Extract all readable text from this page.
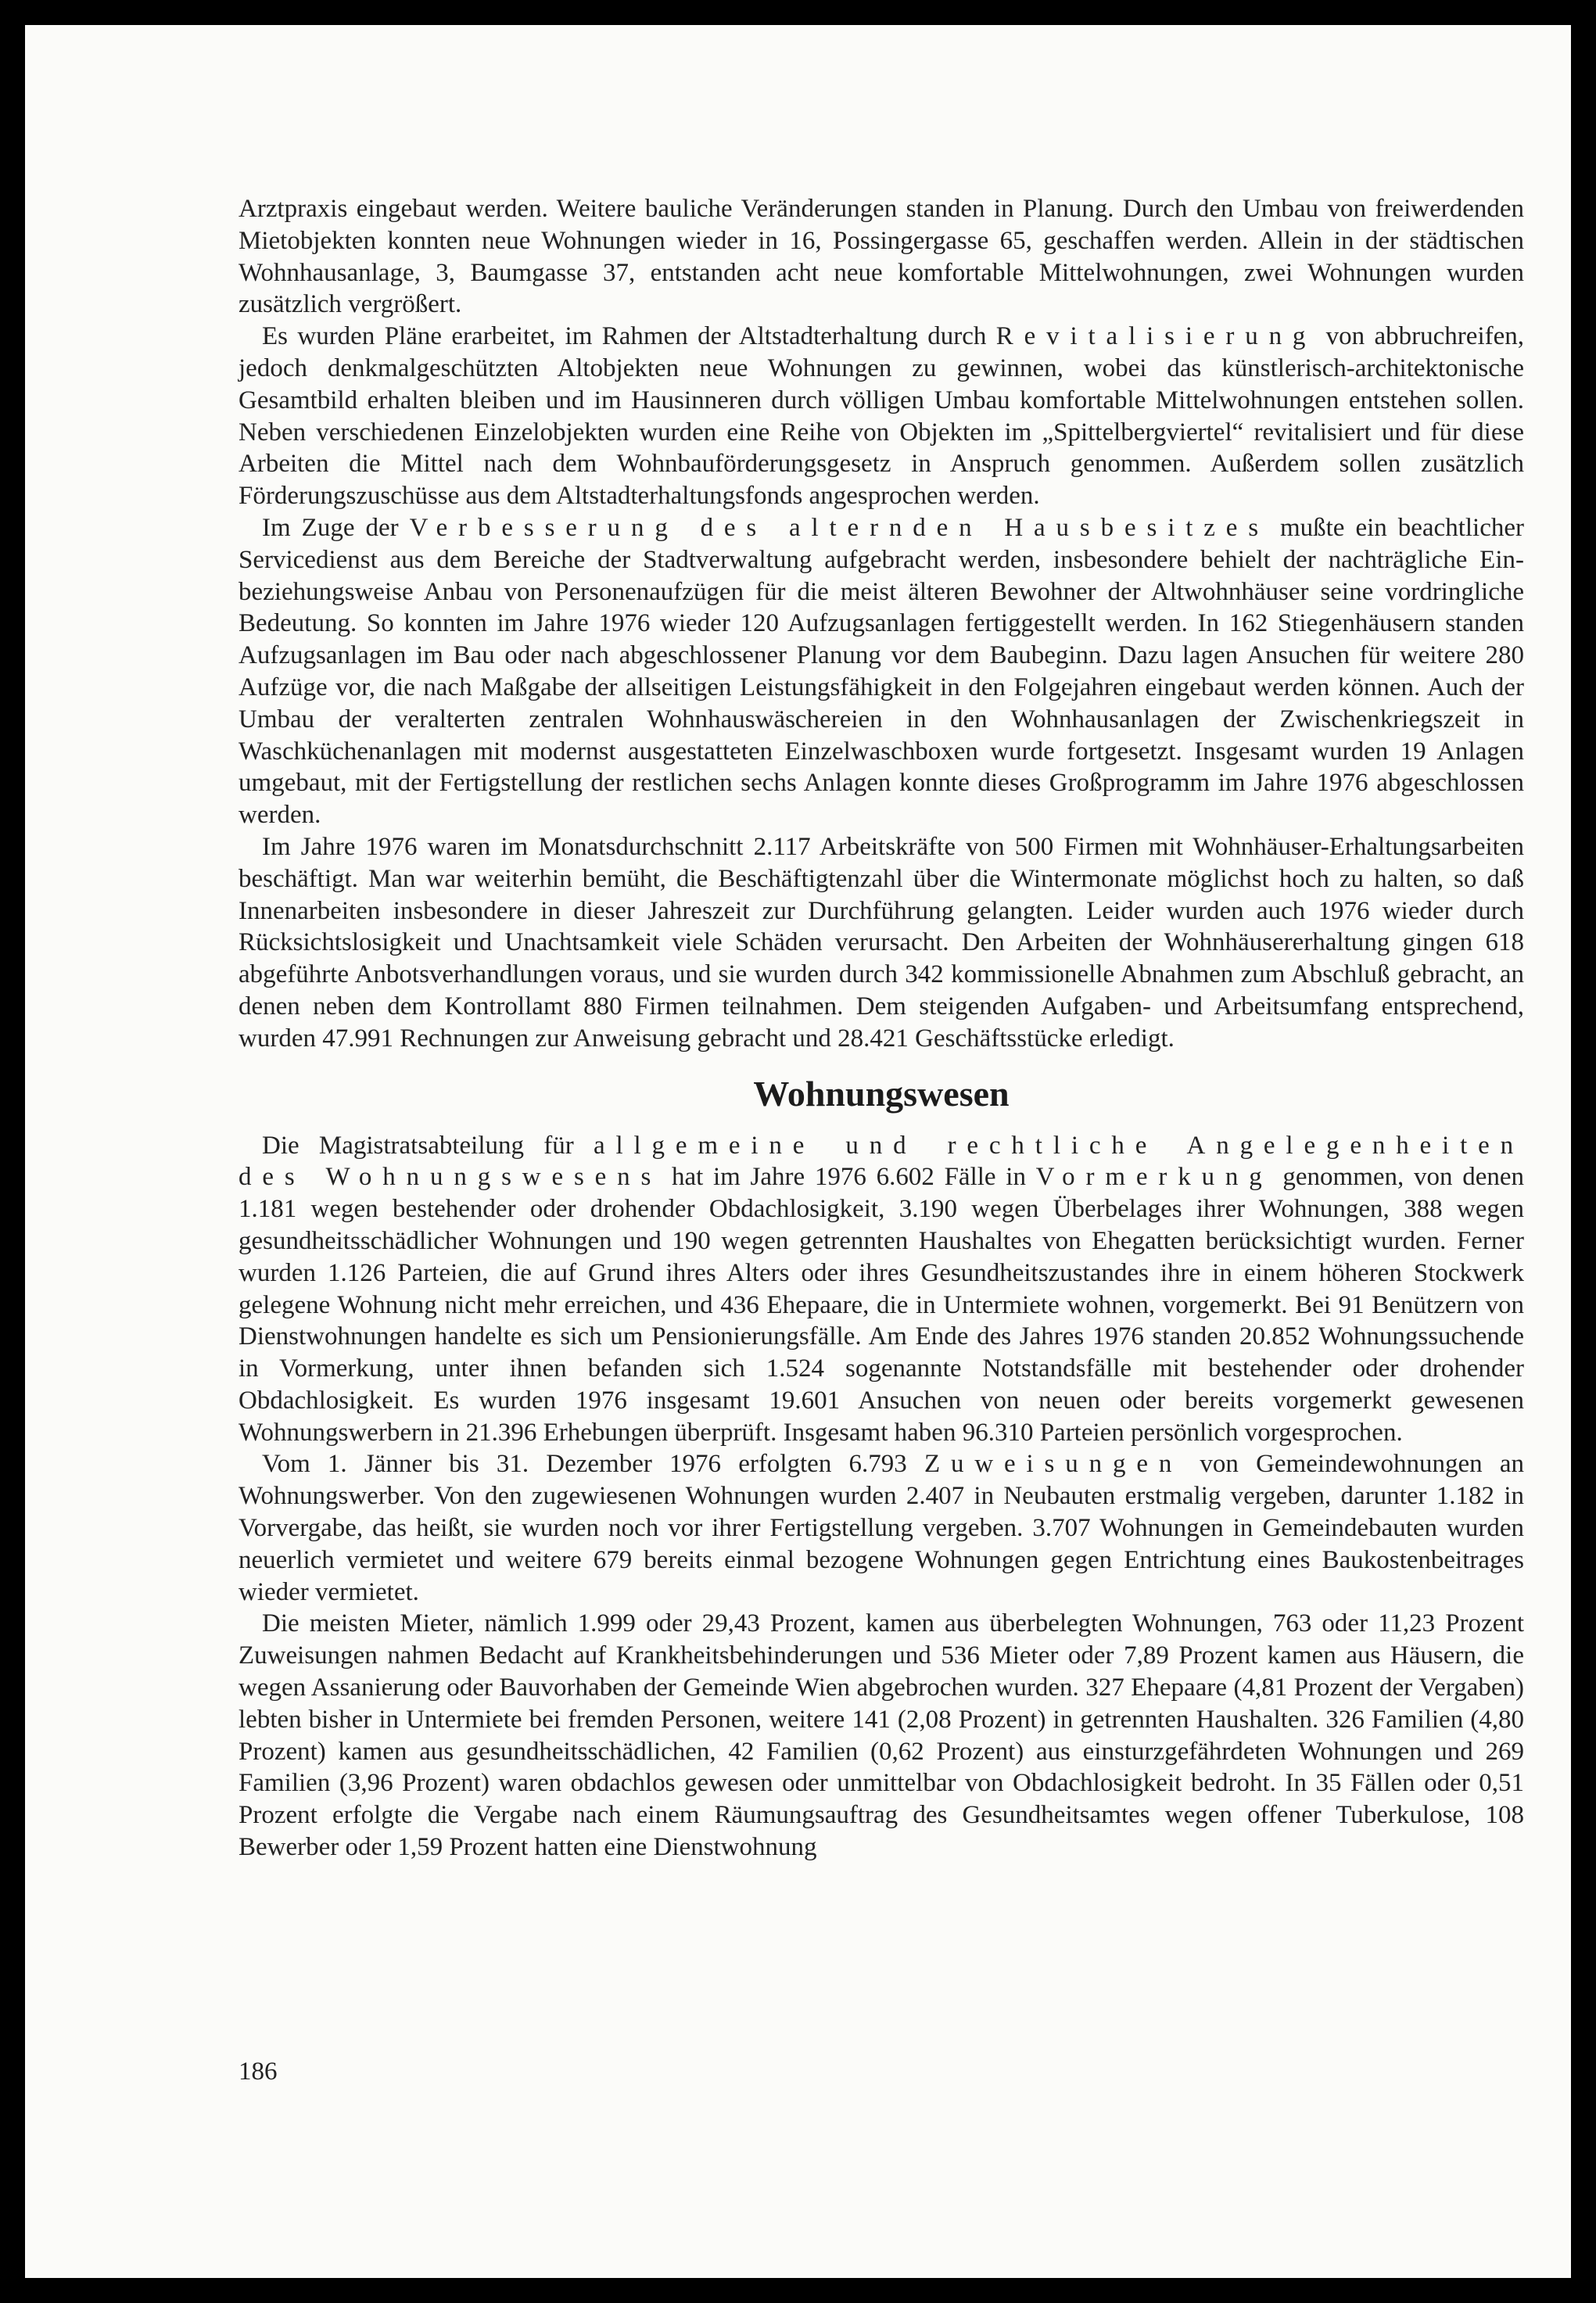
Arztpraxis eingebaut werden. Weitere bauliche Veränderungen standen in Planung. Durch den Umbau von freiwerdenden Mietobjekten konnten neue Wohnungen wieder in 16, Possingergasse 65, geschaffen werden. Allein in der städtischen Wohnhausanlage, 3, Baumgasse 37, entstanden acht neue komfortable Mittelwohnungen, zwei Wohnungen wurden zusätzlich vergrößert.

Es wurden Pläne erarbeitet, im Rahmen der Altstadterhaltung durch Revitalisierung von abbruchreifen, jedoch denkmalgeschützten Altobjekten neue Wohnungen zu gewinnen, wobei das künstlerisch-architektonische Gesamtbild erhalten bleiben und im Hausinneren durch völligen Umbau komfortable Mittelwohnungen entstehen sollen. Neben verschiedenen Einzelobjekten wurden eine Reihe von Objekten im „Spittelbergviertel“ revitalisiert und für diese Arbeiten die Mittel nach dem Wohnbauförderungsgesetz in Anspruch genommen. Außerdem sollen zusätzlich Förderungszuschüsse aus dem Altstadterhaltungsfonds angesprochen werden.

Im Zuge der Verbesserung des alternden Hausbesitzes mußte ein beachtlicher Servicedienst aus dem Bereiche der Stadtverwaltung aufgebracht werden, insbesondere behielt der nachträgliche Ein- beziehungsweise Anbau von Personenaufzügen für die meist älteren Bewohner der Altwohnhäuser seine vordringliche Bedeutung. So konnten im Jahre 1976 wieder 120 Aufzugsanlagen fertiggestellt werden. In 162 Stiegenhäusern standen Aufzugsanlagen im Bau oder nach abgeschlossener Planung vor dem Baubeginn. Dazu lagen Ansuchen für weitere 280 Aufzüge vor, die nach Maßgabe der allseitigen Leistungsfähigkeit in den Folgejahren eingebaut werden können. Auch der Umbau der veralterten zentralen Wohnhauswäschereien in den Wohnhausanlagen der Zwischenkriegszeit in Waschküchenanlagen mit modernst ausgestatteten Einzelwaschboxen wurde fortgesetzt. Insgesamt wurden 19 Anlagen umgebaut, mit der Fertigstellung der restlichen sechs Anlagen konnte dieses Großprogramm im Jahre 1976 abgeschlossen werden.

Im Jahre 1976 waren im Monatsdurchschnitt 2.117 Arbeitskräfte von 500 Firmen mit Wohnhäuser-Erhaltungsarbeiten beschäftigt. Man war weiterhin bemüht, die Beschäftigtenzahl über die Wintermonate möglichst hoch zu halten, so daß Innenarbeiten insbesondere in dieser Jahreszeit zur Durchführung gelangten. Leider wurden auch 1976 wieder durch Rücksichtslosigkeit und Unachtsamkeit viele Schäden verursacht. Den Arbeiten der Wohnhäusererhaltung gingen 618 abgeführte Anbotsverhandlungen voraus, und sie wurden durch 342 kommissionelle Abnahmen zum Abschluß gebracht, an denen neben dem Kontrollamt 880 Firmen teilnahmen. Dem steigenden Aufgaben- und Arbeitsumfang entsprechend, wurden 47.991 Rechnungen zur Anweisung gebracht und 28.421 Geschäftsstücke erledigt.

Wohnungswesen

Die Magistratsabteilung für allgemeine und rechtliche Angelegenheiten des Wohnungswesens hat im Jahre 1976 6.602 Fälle in Vormerkung genommen, von denen 1.181 wegen bestehender oder drohender Obdachlosigkeit, 3.190 wegen Überbelages ihrer Wohnungen, 388 wegen gesundheitsschädlicher Wohnungen und 190 wegen getrennten Haushaltes von Ehegatten berücksichtigt wurden. Ferner wurden 1.126 Parteien, die auf Grund ihres Alters oder ihres Gesundheitszustandes ihre in einem höheren Stockwerk gelegene Wohnung nicht mehr erreichen, und 436 Ehepaare, die in Untermiete wohnen, vorgemerkt. Bei 91 Benützern von Dienstwohnungen handelte es sich um Pensionierungsfälle. Am Ende des Jahres 1976 standen 20.852 Wohnungssuchende in Vormerkung, unter ihnen befanden sich 1.524 sogenannte Notstandsfälle mit bestehender oder drohender Obdachlosigkeit. Es wurden 1976 insgesamt 19.601 Ansuchen von neuen oder bereits vorgemerkt gewesenen Wohnungswerbern in 21.396 Erhebungen überprüft. Insgesamt haben 96.310 Parteien persönlich vorgesprochen.

Vom 1. Jänner bis 31. Dezember 1976 erfolgten 6.793 Zuweisungen von Gemeindewohnungen an Wohnungswerber. Von den zugewiesenen Wohnungen wurden 2.407 in Neubauten erstmalig vergeben, darunter 1.182 in Vorvergabe, das heißt, sie wurden noch vor ihrer Fertigstellung vergeben. 3.707 Wohnungen in Gemeindebauten wurden neuerlich vermietet und weitere 679 bereits einmal bezogene Wohnungen gegen Entrichtung eines Baukostenbeitrages wieder vermietet.

Die meisten Mieter, nämlich 1.999 oder 29,43 Prozent, kamen aus überbelegten Wohnungen, 763 oder 11,23 Prozent Zuweisungen nahmen Bedacht auf Krankheitsbehinderungen und 536 Mieter oder 7,89 Prozent kamen aus Häusern, die wegen Assanierung oder Bauvorhaben der Gemeinde Wien abgebrochen wurden. 327 Ehepaare (4,81 Prozent der Vergaben) lebten bisher in Untermiete bei fremden Personen, weitere 141 (2,08 Prozent) in getrennten Haushalten. 326 Familien (4,80 Prozent) kamen aus gesundheitsschädlichen, 42 Familien (0,62 Prozent) aus einsturzgefährdeten Wohnungen und 269 Familien (3,96 Prozent) waren obdachlos gewesen oder unmittelbar von Obdachlosigkeit bedroht. In 35 Fällen oder 0,51 Prozent erfolgte die Vergabe nach einem Räumungsauftrag des Gesundheitsamtes wegen offener Tuberkulose, 108 Bewerber oder 1,59 Prozent hatten eine Dienstwohnung

186
